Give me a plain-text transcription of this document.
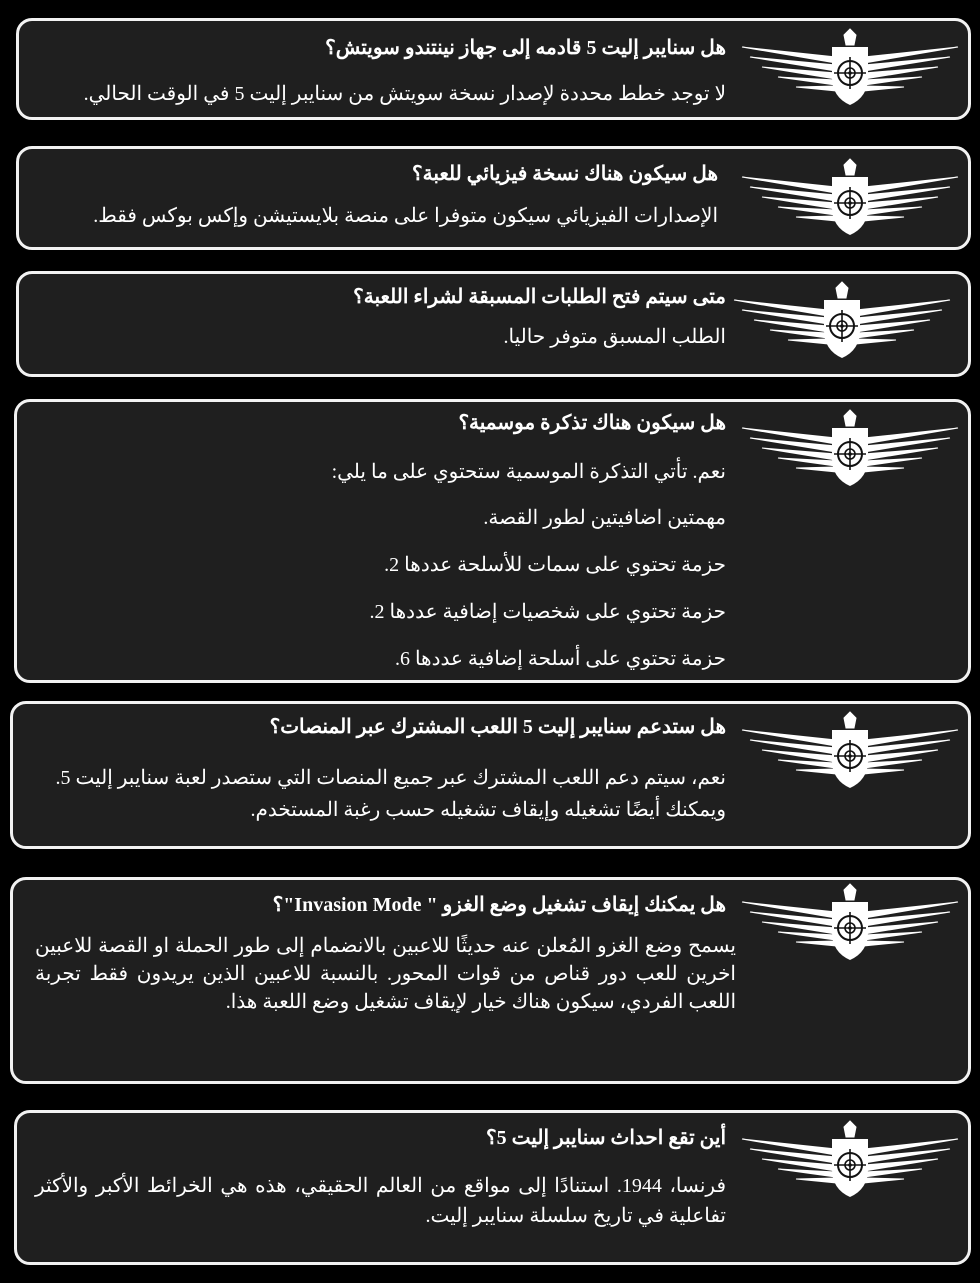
هل سنايبر إليت 5 قادمه إلى جهاز نينتندو سويتش؟

لا توجد خطط محددة لإصدار نسخة سويتش من سنايبر إليت 5 في الوقت الحالي.

هل سيكون هناك نسخة فيزيائي للعبة؟

الإصدارات الفيزيائي سيكون متوفرا على منصة بلايستيشن وإكس بوكس فقط.

متى سيتم فتح الطلبات المسبقة لشراء اللعبة؟

الطلب المسبق متوفر حاليا.

هل سيكون هناك تذكرة موسمية؟

نعم. تأتي التذكرة الموسمية ستحتوي على ما يلي:

مهمتين اضافيتين لطور القصة.

حزمة تحتوي على سمات للأسلحة عددها 2.

حزمة تحتوي على شخصيات إضافية عددها 2.

حزمة تحتوي على أسلحة إضافية عددها 6.

هل ستدعم سنايبر إليت 5 اللعب المشترك عبر المنصات؟

نعم، سيتم دعم اللعب المشترك عبر جميع المنصات التي ستصدر لعبة سنايبر إليت 5. ويمكنك أيضًا تشغيله وإيقاف تشغيله حسب رغبة المستخدم.

هل يمكنك إيقاف تشغيل وضع الغزو " Invasion Mode"؟

يسمح وضع الغزو المُعلن عنه حديثًا للاعبين بالانضمام إلى طور الحملة او القصة للاعبين اخرين للعب دور قناص من قوات المحور. بالنسبة للاعبين الذين يريدون فقط تجربة اللعب الفردي، سيكون هناك خيار لإيقاف تشغيل وضع اللعبة هذا.

أين تقع احداث سنايبر إليت 5؟

فرنسا، 1944. استنادًا إلى مواقع من العالم الحقيقي، هذه هي الخرائط الأكبر والأكثر تفاعلية في تاريخ سلسلة سنايبر إليت.
